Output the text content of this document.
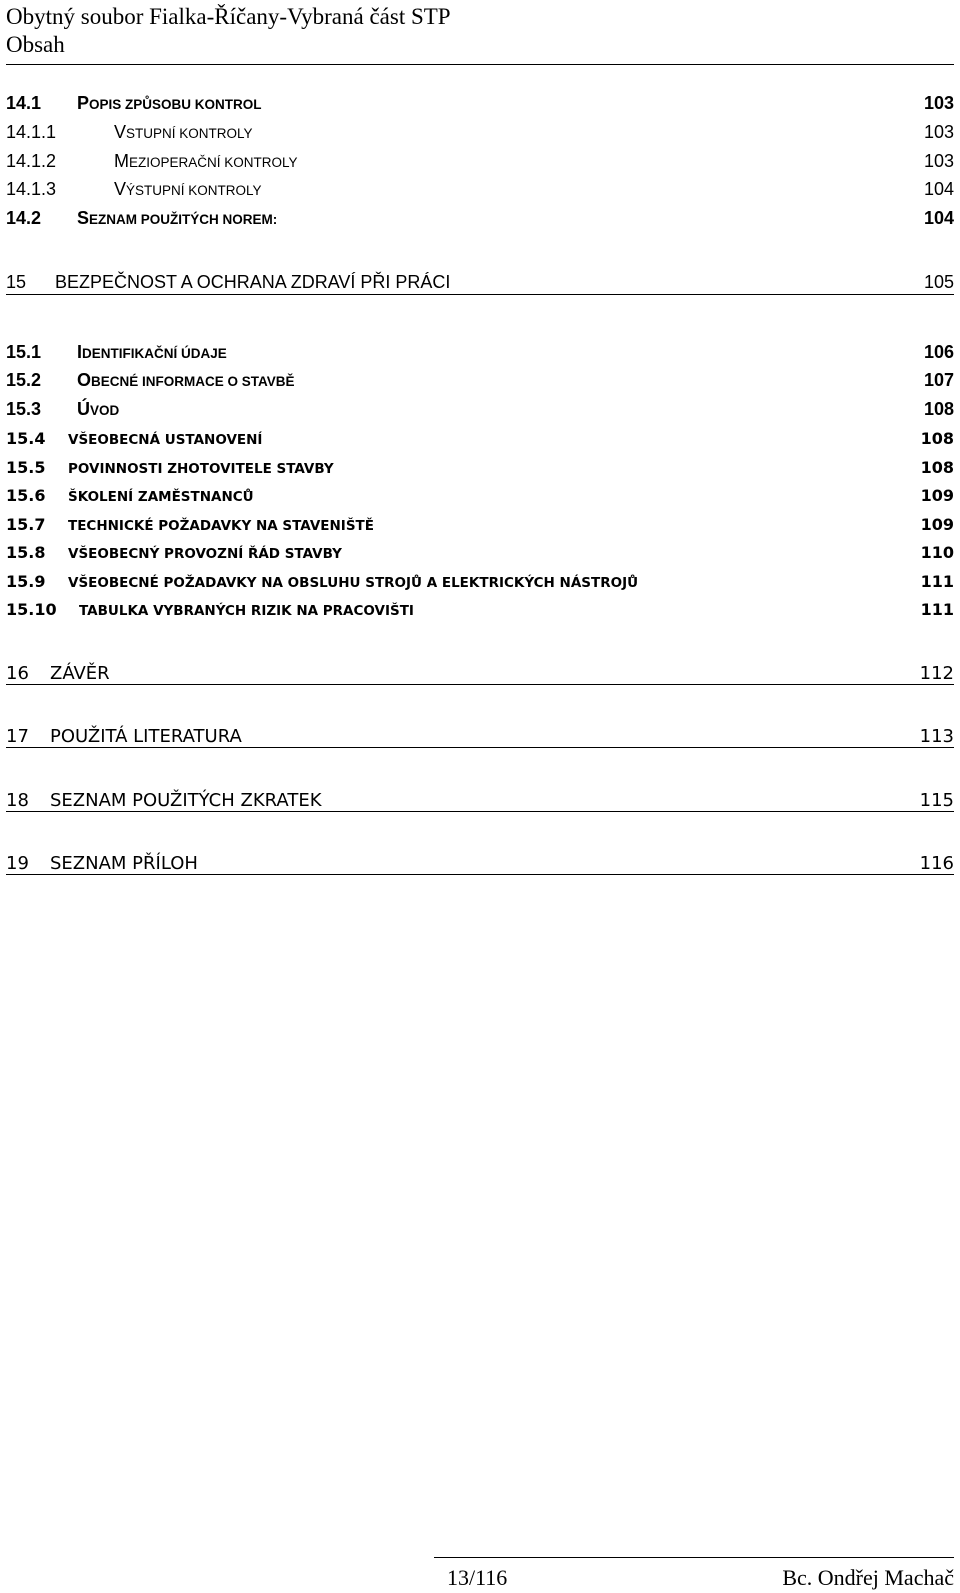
Obytný soubor Fialka-Říčany-Vybraná část STP
Obsah
14.1 POPIS ZPŮSOBU KONTROL	103
14.1.1	VSTUPNÍ KONTROLY	103
14.1.2	MEZIOPERAČNÍ KONTROLY	103
14.1.3	VÝSTUPNÍ KONTROLY	104
14.2 SEZNAM POUŽITÝCH NOREM:	104
15 BEZPEČNOST A OCHRANA ZDRAVÍ PŘI PRÁCI	105
15.1 IDENTIFIKAČNÍ ÚDAJE	106
15.2 OBECNÉ INFORMACE O STAVBĚ	107
15.3 ÚVOD	108
15.4 VŠEOBECNÁ USTANOVENÍ	108
15.5 POVINNOSTI ZHOTOVITELE STAVBY	108
15.6 ŠKOLENÍ ZAMĚSTNANCŮ	109
15.7 TECHNICKÉ POŽADAVKY NA STAVENIŠTĚ	109
15.8 VŠEOBECNÝ PROVOZNÍ ŘÁD STAVBY	110
15.9 VŠEOBECNÉ POŽADAVKY NA OBSLUHU STROJŮ A ELEKTRICKÝCH NÁSTROJŮ	111
15.10 TABULKA VYBRANÝCH RIZIK NA PRACOVIŠTI	111
16 ZÁVĚR	112
17 POUŽITÁ LITERATURA	113
18 SEZNAM POUŽITÝCH ZKRATEK	115
19 SEZNAM PŘÍLOH	116
13/116	Bc. Ondřej Machač
